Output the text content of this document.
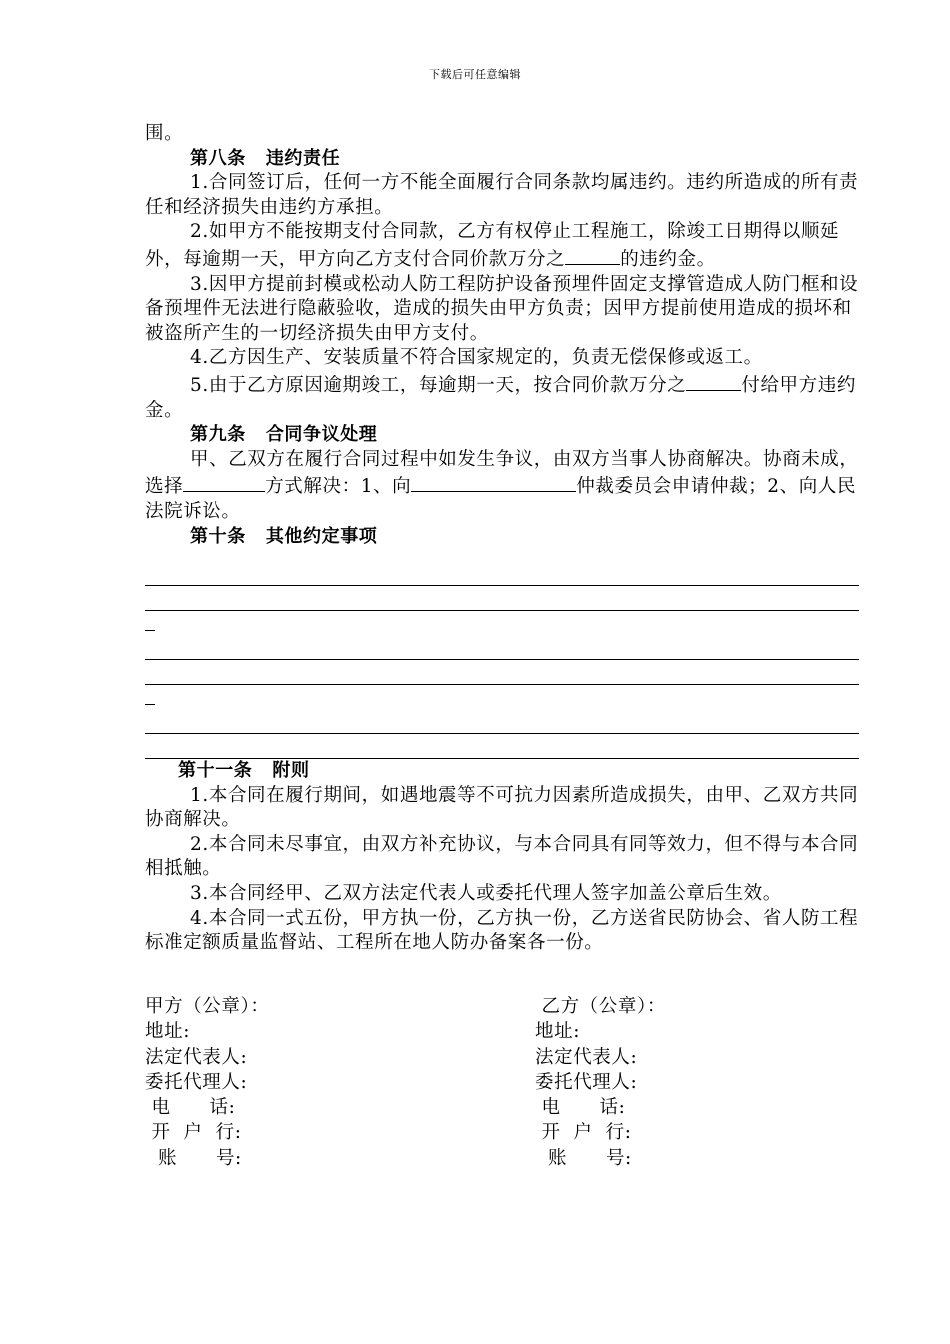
下载后可任意编辑

围。

第八条 违约责任

1.合同签订后，任何一方不能全面履行合同条款均属违约。违约所造成的所有责任和经济损失由违约方承担。

2.如甲方不能按期支付合同款，乙方有权停止工程施工，除竣工日期得以顺延外，每逾期一天，甲方向乙方支付合同价款万分之	的违约金。

3.因甲方提前封模或松动人防工程防护设备预埋件固定支撑管造成人防门框和设备预埋件无法进行隐蔽验收，造成的损失由甲方负责；因甲方提前使用造成的损坏和被盗所产生的一切经济损失由甲方支付。

4.乙方因生产、安装质量不符合国家规定的，负责无偿保修或返工。

5.由于乙方原因逾期竣工，每逾期一天，按合同价款万分之	付给甲方违约金。

第九条 合同争议处理

甲、乙双方在履行合同过程中如发生争议，由双方当事人协商解决。协商未成，选择	方式解决：1、向	仲裁委员会申请仲裁；2、向人民法院诉讼。

第十条 其他约定事项

第十一条 附则

1.本合同在履行期间，如遇地震等不可抗力因素所造成损失，由甲、乙双方共同协商解决。

2.本合同未尽事宜，由双方补充协议，与本合同具有同等效力，但不得与本合同相抵触。

3.本合同经甲、乙双方法定代表人或委托代理人签字加盖公章后生效。

4.本合同一式五份，甲方执一份，乙方执一份，乙方送省民防协会、省人防工程标准定额质量监督站、工程所在地人防办备案各一份。

甲方（公章）：

地址:

法定代表人:

委托代理人:

电      话:

开  户  行:

账      号:

乙方（公章）：

地址:

法定代表人:

委托代理人:

电      话:

开  户  行:

账      号:
